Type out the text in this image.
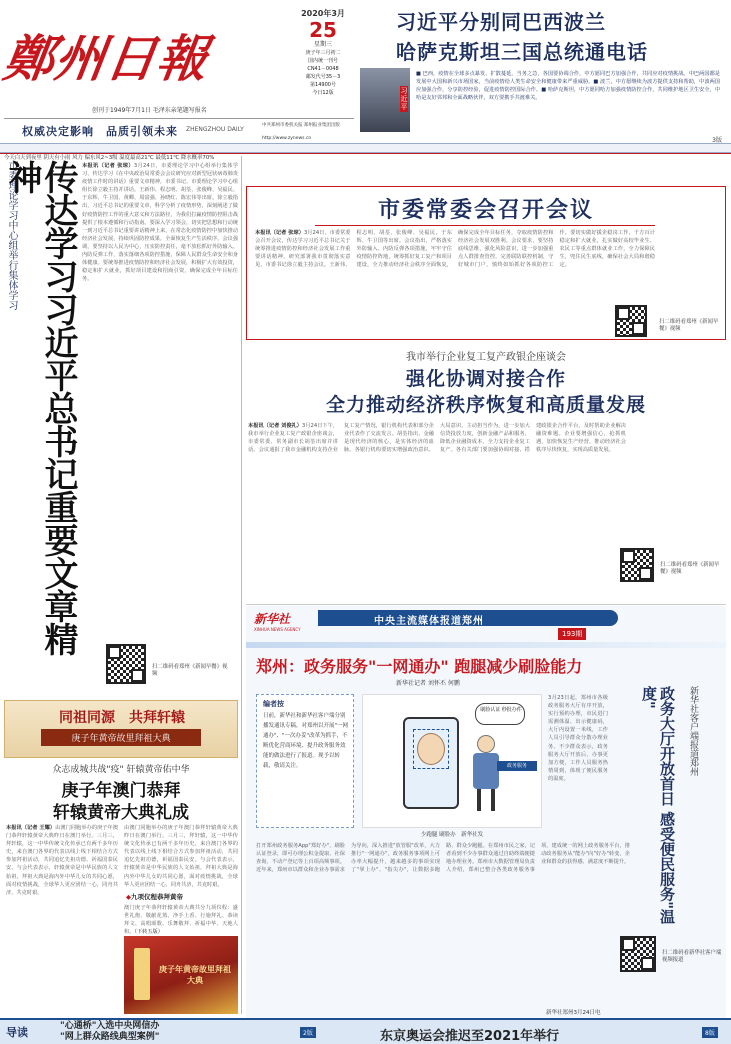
鄭州日報
2020年3月
25
星期三
庚子年三月初二
国内统一刊号
CN41－0048
邮发代号35－3
第14900号
今日12版
创刊于1949年7月1日 毛泽东亲笔题写报名
权威决定影响　品质引领未来 ZHENGZHOU DAILY
中共郑州市委机关报 郑州报业集团出版
http://www.zynews.cn
今天白天到夜里 阴天有小雨 风力 偏东风2~3级 温度最高21℃ 最低11℃ 降水概率70%
习近平分别同巴西波兰
哈萨克斯坦三国总统通电话
习近平
■ 巴西，疫情在全球多点暴发、扩散蔓延，当务之急，各国要协调合作，中方愿同巴方加强合作，共同应对疫情挑战。中巴两国都是发展中大国和新兴市场国家，当前疫情给人类生命安全和健康带来严重威胁。■ 波兰，中方愿继续为波方提供支持和帮助，中波两国应加强合作，分享防控经验，促进疫情防控国际合作。■ 哈萨克斯坦，中方愿同哈方加强疫情防控合作，共同维护地区卫生安全，中哈是友好邻邦和全面战略伙伴，双方要携手共渡难关。
3版
市委理论学习中心组举行集体学习 传达学习习近平总书记重要文章精神	本报讯（记者 张琼）3月24日，市委理论学习中心组举行集体学习，传达学习《在中央政治局常委会会议研究应对新型冠状病毒肺炎疫情工作时的讲话》重要文章精神，市委书记、市委理论学习中心组组长徐立毅主持并讲话。王新伟、程志明、胡荃、张俊峰、吴福民、于东辉、牛卫国、黄卿、周富强、孙晓红、陈宏伟等出席。徐立毅指出，习近平总书记的重要文章，科学分析了疫情形势，深刻阐述了做好疫情防控工作的重大意义和方法路径，为我们打赢疫情防控阻击战提供了根本遵循和行动指南。要深入学习领会，切实把思想和行动统一到习近平总书记重要讲话精神上来，在常态化疫情防控中加快推动经济社会发展，持续巩固防控成果，全面恢复生产生活秩序。会议强调，要坚持以人民为中心，压实防控责任，毫不放松抓好外防输入、内防反弹工作，落实落细各项防控措施，保障人民群众生命安全和身体健康。要统筹推进疫情防控和经济社会发展，积极扩大有效投资，稳定和扩大就业，抓好项目建设和招商引资，确保完成全年目标任务。
扫二维码看郑州《新闻早餐》视频
同祖同源　共拜轩辕
庚子年黄帝故里拜祖大典
众志成城共战"疫" 轩辕黄帝佑中华
庚子年澳门恭拜
轩辕黄帝大典礼成
本报讯（记者 王耀）由澳门同胞举办的庚子年澳门恭拜轩辕黄帝大典昨日在澳门举行。三月三，拜轩辕，这一中华传统文化传承已有两千多年历史，来自澳门各界的代表以线上线下相结合方式参加拜祖活动，共同追忆先祖功德，祈福国泰民安。与会代表表示，轩辕黄帝是中华民族的人文始祖，拜祖大典是海内外中华儿女的共同心愿，面对疫情挑战，全球华人更应团结一心，同舟共济，共克时艰。
由澳门同胞举办的庚子年澳门恭拜轩辕黄帝大典昨日在澳门举行。三月三，拜轩辕，这一中华传统文化传承已有两千多年历史，来自澳门各界的代表以线上线下相结合方式参加拜祖活动，共同追忆先祖功德，祈福国泰民安。与会代表表示，轩辕黄帝是中华民族的人文始祖，拜祖大典是海内外中华儿女的共同心愿，面对疫情挑战，全球华人更应团结一心，同舟共济，共克时艰。
◆九项仪程恭拜黄帝
澳门庚子年恭拜轩辕黄帝大典共分九项仪程：盛世礼炮、敬献花篮、净手上香、行施拜礼、恭读拜文、高唱颂歌、乐舞敬拜、祈福中华、天地人和。（下转五版）
庚子年黄帝故里拜祖大典
市委常委会召开会议
本报讯（记者 张琼）3月24日，市委常委会召开会议，传达学习习近平总书记关于统筹推进疫情防控和经济社会发展工作重要讲话精神，研究部署我市贯彻落实意见，市委书记徐立毅主持会议。王新伟、程志明、胡荃、张俊峰、吴福民、于东辉、牛卫国等出席。会议指出，严格落实外防输入、内防反弹各项措施，牢牢守住疫情防控阵地，统筹抓好复工复产和项目建设，全力推动经济社会秩序全面恢复，确保完成全年目标任务，夺取疫情防控和经济社会发展双胜利。会议要求，要坚持底线思维，强化风险意识，进一步加强重点人群排查管控，完善联防联控机制，守好城市门户，慎终如始抓好各项防控工作。要切实做好援企稳岗工作，千方百计稳定和扩大就业，扎实做好高校毕业生、农民工等重点群体就业工作，全力保障民生，兜住民生底线，确保社会大局和谐稳定。
扫二维码看郑州《新闻早餐》视频
我市举行企业复工复产政银企座谈会
强化协调对接合作
全力推动经济秩序恢复和高质量发展
本报讯（记者 刘俊礼）3月24日下午，我市举行企业复工复产政银企座谈会，市委常委、常务副市长胡荃出席并讲话。会议通报了我市金融机构支持企业复工复产情况，银行机构代表和部分企业代表作了交流发言。胡荃指出，金融是现代经济的核心，是实体经济的血脉。各银行机构要切实增强政治意识、大局意识，主动担当作为，进一步加大信贷投放力度，创新金融产品和服务，降低企业融资成本，全力支持企业复工复产。各有关部门要加强协调对接，搭建政银企合作平台，及时帮助企业解决融资难题。企业要增强信心，抢抓机遇，加快恢复生产经营，推动经济社会秩序尽快恢复，实现高质量发展。
扫二维码看郑州《新闻早餐》视频
新华社
XINHUA NEWS AGENCY
中央主流媒体报道郑州
193期
郑州：政务服务"一网通办" 跑腿减少刷脸能力
新华社记者 刘怀丕 何鹏
编者按
日前，新华社和新华社客户端分别播发通讯专稿，对郑州以开展"一网通办"、"一次办妥"改革为抓手，不断优化营商环境、提升政务服务效能的做法进行了报道。现予以转载，敬请关注。
刷脸认证 秒批办件
政务服务
少跑腿 刷脸办　新华社发
打开郑州政务服务App"郑好办"，刷脸认证登录，即可办理公积金提取、社保查询、不动产登记等上百项高频事项。近年来，郑州市以群众和企业办事需求为导向，深入推进"放管服"改革，大力推行"一网通办"，政务服务事项网上可办率大幅提升，越来越多的事项实现了"掌上办"、"指尖办"，让数据多跑路、群众少跑腿。在郑州市民之家，记者看到不少办事群众通过自助终端便捷地办理业务。郑州市大数据管理局负责人介绍，郑州已整合各类政务服务事项，建成统一的网上政务服务平台，推动政务服务从"能办"向"好办"转变，企业和群众的获得感、满意度不断提升。
新华社郑州3月24日电
3月23日起，郑州市各级政务服务大厅有序开放，实行预约办理，市民进门需测体温、出示健康码，大厅内设置一米线，工作人员引导群众分散办理业务。不少群众表示，政务服务大厅开放后，办事更加方便，工作人员服务热情周到，体现了便民服务的温度。	政务大厅开放首日 感受便民服务"温度"	新华社客户端报道郑州
扫二维码看新华社客户端视频报道
导读	"心通桥"入选中央网信办
"网上群众路线典型案例"	2版	东京奥运会推迟至2021年举行	8版
